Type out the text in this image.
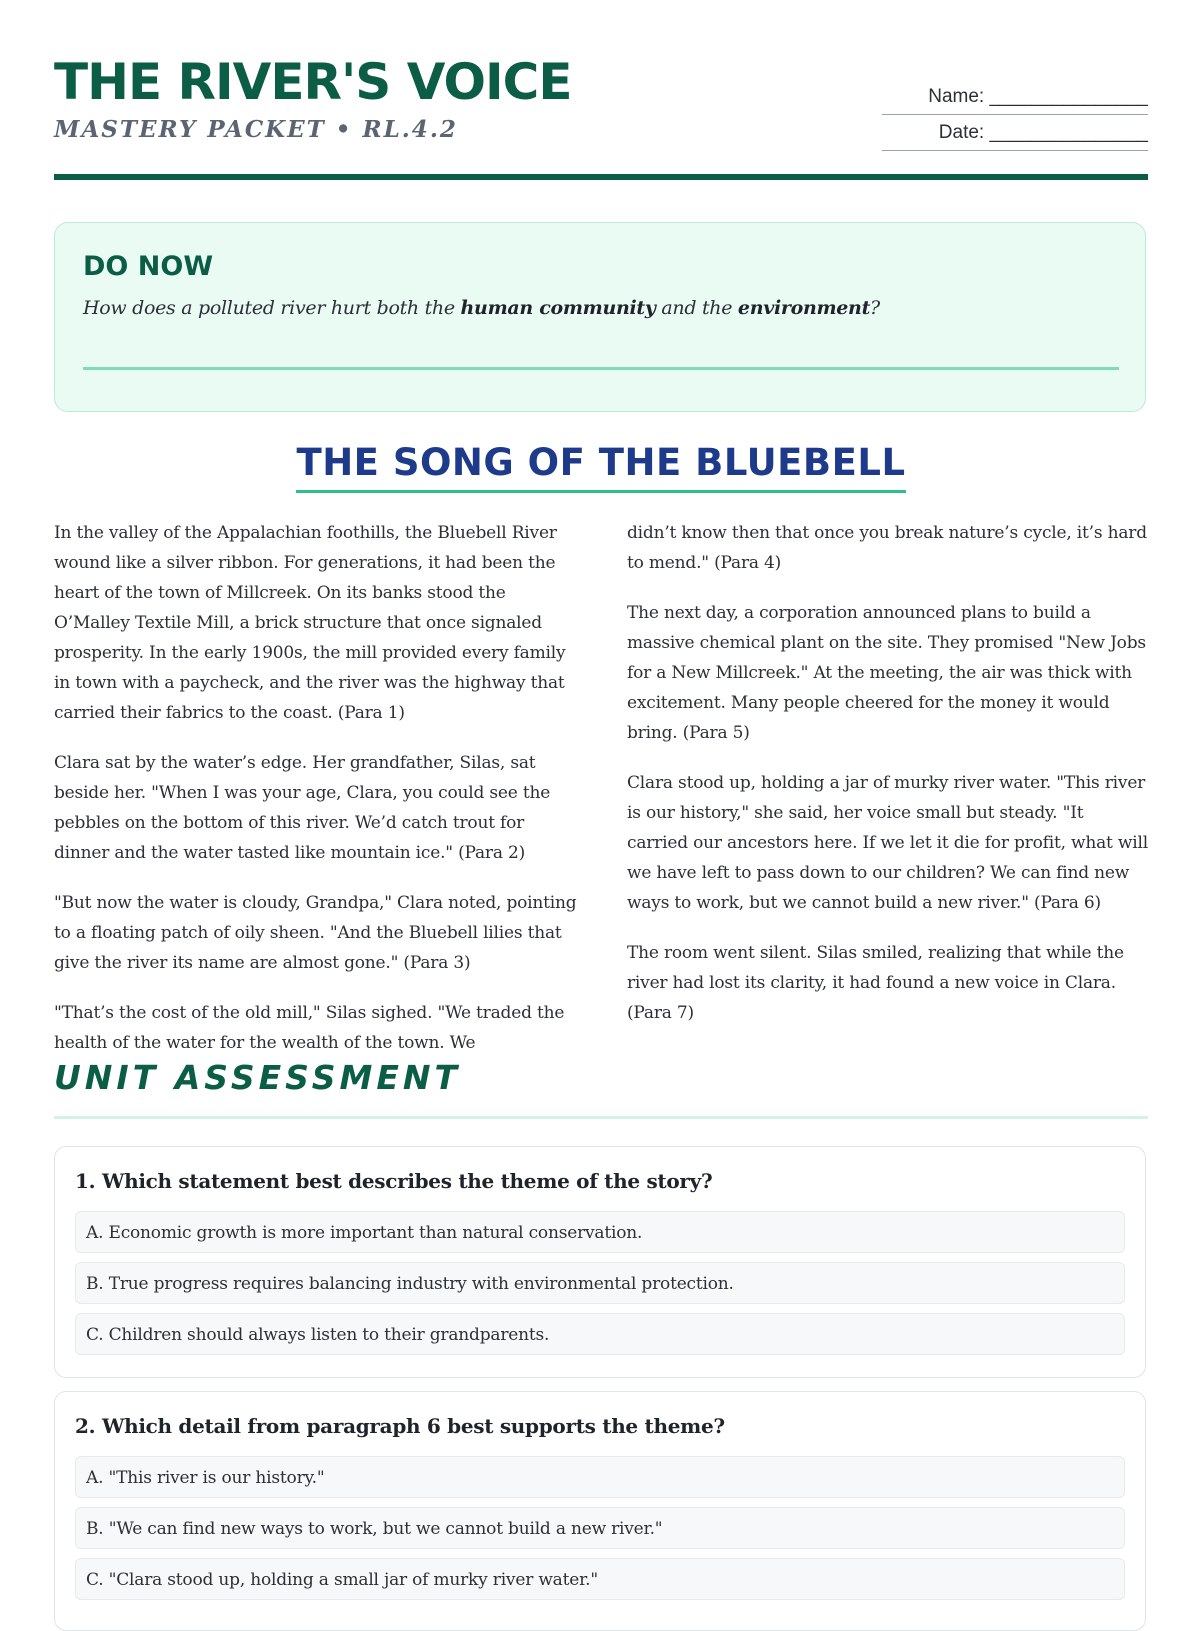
THE RIVER'S VOICE
MASTERY PACKET • RL.4.2
Name: _______________
Date: _______________
DO NOW
How does a polluted river hurt both the human community and the environment?
THE SONG OF THE BLUEBELL

In the valley of the Appalachian foothills, the Bluebell River wound like a silver ribbon. For generations, it had been the heart of the town of Millcreek. On its banks stood the O’Malley Textile Mill, a brick structure that once signaled prosperity. In the early 1900s, the mill provided every family in town with a paycheck, and the river was the highway that carried their fabrics to the coast. (Para 1)

Clara sat by the water’s edge. Her grandfather, Silas, sat beside her. "When I was your age, Clara, you could see the pebbles on the bottom of this river. We’d catch trout for dinner and the water tasted like mountain ice." (Para 2)

"But now the water is cloudy, Grandpa," Clara noted, pointing to a floating patch of oily sheen. "And the Bluebell lilies that give the river its name are almost gone." (Para 3)

"That’s the cost of the old mill," Silas sighed. "We traded the health of the water for the wealth of the town. We

didn’t know then that once you break nature’s cycle, it’s hard to mend." (Para 4)

The next day, a corporation announced plans to build a massive chemical plant on the site. They promised "New Jobs for a New Millcreek." At the meeting, the air was thick with excitement. Many people cheered for the money it would bring. (Para 5)

Clara stood up, holding a jar of murky river water. "This river is our history," she said, her voice small but steady. "It carried our ancestors here. If we let it die for profit, what will we have left to pass down to our children? We can find new ways to work, but we cannot build a new river." (Para 6)

The room went silent. Silas smiled, realizing that while the river had lost its clarity, it had found a new voice in Clara. (Para 7)

UNIT ASSESSMENT
1. Which statement best describes the theme of the story?
A. Economic growth is more important than natural conservation.
B. True progress requires balancing industry with environmental protection.
C. Children should always listen to their grandparents.
2. Which detail from paragraph 6 best supports the theme?
A. "This river is our history."
B. "We can find new ways to work, but we cannot build a new river."
C. "Clara stood up, holding a small jar of murky river water."
